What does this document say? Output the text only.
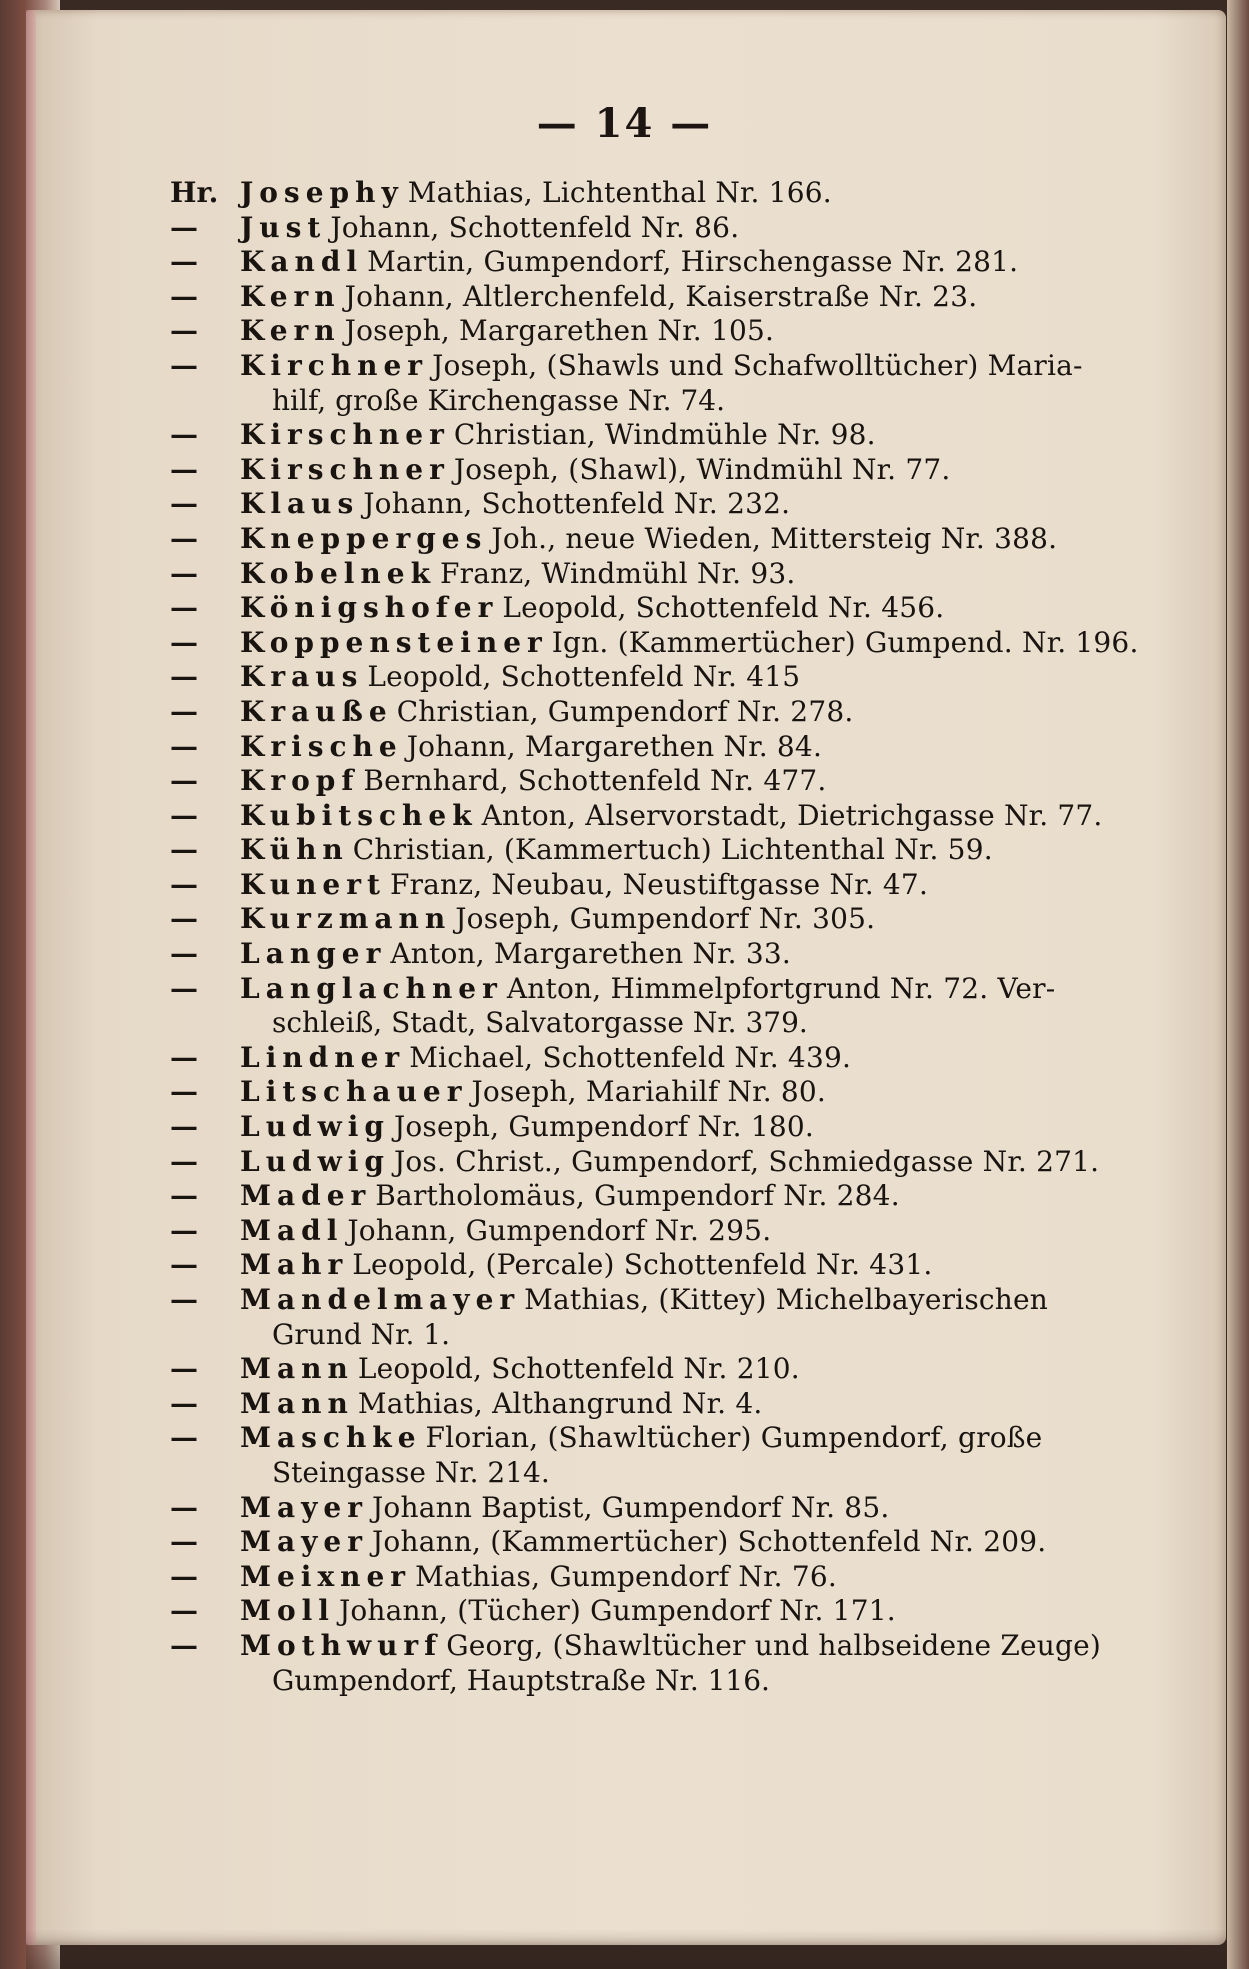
— 14 —
Hr. Josephy Mathias, Lichtenthal Nr. 166.
—	Just Johann, Schottenfeld Nr. 86.
—	Kandl Martin, Gumpendorf, Hirschengasse Nr. 281.
—	Kern Johann, Altlerchenfeld, Kaiserstraße Nr. 23.
—	Kern Joseph, Margarethen Nr. 105.
—	Kirchner Joseph, (Shawls und Schafwolltücher) Maria-
hilf, große Kirchengasse Nr. 74.
—	Kirschner Christian, Windmühle Nr. 98.
—	Kirschner Joseph, (Shawl), Windmühl Nr. 77.
—	Klaus Johann, Schottenfeld Nr. 232.
—	Knepperges Joh., neue Wieden, Mittersteig Nr. 388.
—	Kobelnek Franz, Windmühl Nr. 93.
—	Königshofer Leopold, Schottenfeld Nr. 456.
—	Koppensteiner Ign. (Kammertücher) Gumpend. Nr. 196.
—	Kraus Leopold, Schottenfeld Nr. 415
—	Krauße Christian, Gumpendorf Nr. 278.
—	Krische Johann, Margarethen Nr. 84.
—	Kropf Bernhard, Schottenfeld Nr. 477.
—	Kubitschek Anton, Alservorstadt, Dietrichgasse Nr. 77.
—	Kühn Christian, (Kammertuch) Lichtenthal Nr. 59.
—	Kunert Franz, Neubau, Neustiftgasse Nr. 47.
—	Kurzmann Joseph, Gumpendorf Nr. 305.
—	Langer Anton, Margarethen Nr. 33.
—	Langlachner Anton, Himmelpfortgrund Nr. 72. Ver-
schleiß, Stadt, Salvatorgasse Nr. 379.
—	Lindner Michael, Schottenfeld Nr. 439.
—	Litschauer Joseph, Mariahilf Nr. 80.
—	Ludwig Joseph, Gumpendorf Nr. 180.
—	Ludwig Jos. Christ., Gumpendorf, Schmiedgasse Nr. 271.
—	Mader Bartholomäus, Gumpendorf Nr. 284.
—	Madl Johann, Gumpendorf Nr. 295.
—	Mahr Leopold, (Percale) Schottenfeld Nr. 431.
—	Mandelmayer Mathias, (Kittey) Michelbayerischen
Grund Nr. 1.
—	Mann Leopold, Schottenfeld Nr. 210.
—	Mann Mathias, Althangrund Nr. 4.
—	Maschke Florian, (Shawltücher) Gumpendorf, große
Steingasse Nr. 214.
—	Mayer Johann Baptist, Gumpendorf Nr. 85.
—	Mayer Johann, (Kammertücher) Schottenfeld Nr. 209.
—	Meixner Mathias, Gumpendorf Nr. 76.
—	Moll Johann, (Tücher) Gumpendorf Nr. 171.
—	Mothwurf Georg, (Shawltücher und halbseidene Zeuge)
Gumpendorf, Hauptstraße Nr. 116.
